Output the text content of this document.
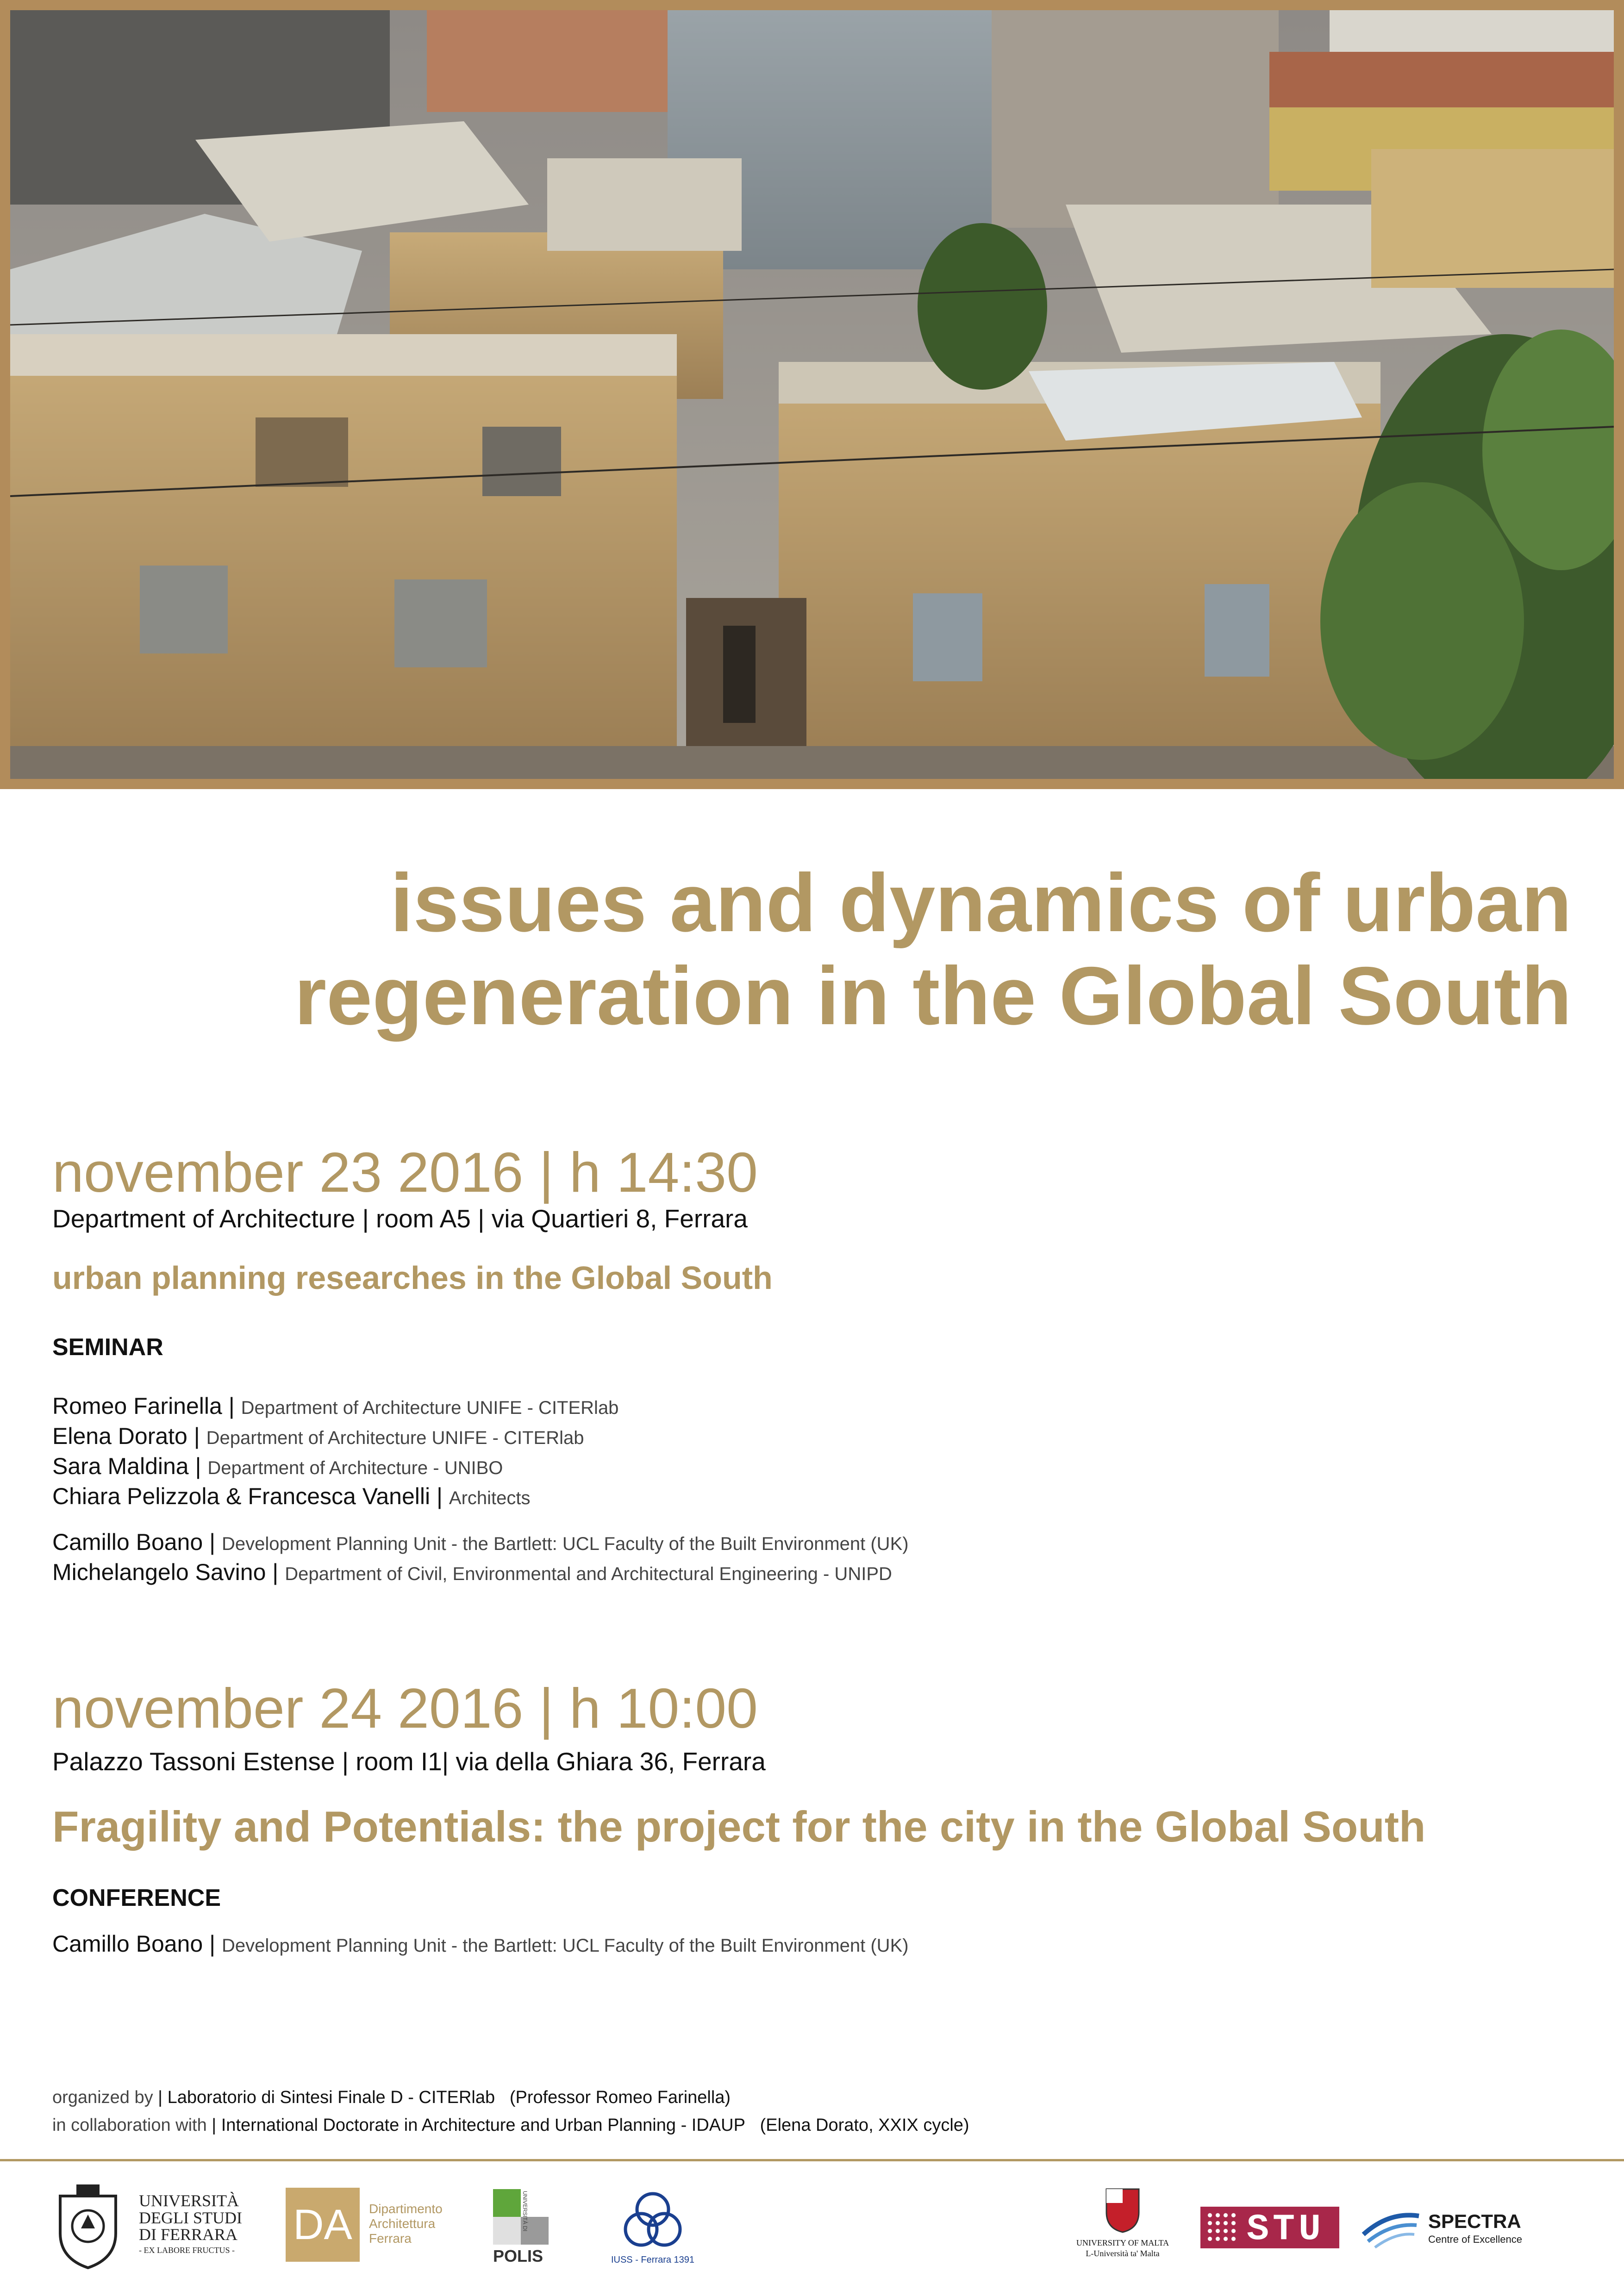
issues and dynamics of urban
regeneration in the Global South
november 23 2016 | h 14:30
Department of Architecture | room A5 | via Quartieri 8, Ferrara
urban planning researches in the Global South
SEMINAR
Romeo Farinella | Department of Architecture UNIFE - CITERlab
Elena Dorato | Department of Architecture UNIFE - CITERlab
Sara Maldina | Department of Architecture - UNIBO
Chiara Pelizzola & Francesca Vanelli | Architects
Camillo Boano | Development Planning Unit - the Bartlett: UCL Faculty of the Built Environment (UK)
Michelangelo Savino | Department of Civil, Environmental and Architectural Engineering - UNIPD
november 24 2016 | h 10:00
Palazzo Tassoni Estense | room I1| via della Ghiara 36, Ferrara
Fragility and Potentials: the project for the city in the Global South
CONFERENCE
Camillo Boano | Development Planning Unit - the Bartlett: UCL Faculty of the Built Environment (UK)
organized by | Laboratorio di Sintesi Finale D - CITERlab (Professor Romeo Farinella)
in collaboration with | International Doctorate in Architecture and Urban Planning - IDAUP (Elena Dorato, XXIX cycle)
UNIVERSITÀ
DEGLI STUDI
DI FERRARA
- EX LABORE FRUCTUS -
DA	Dipartimento
Architettura
Ferrara
UNIVERSITÀ DI
POLIS	IUSS - Ferrara 1391
UNIVERSITY OF MALTA
L-Università ta' Malta
STU	SPECTRA
Centre of Excellence
